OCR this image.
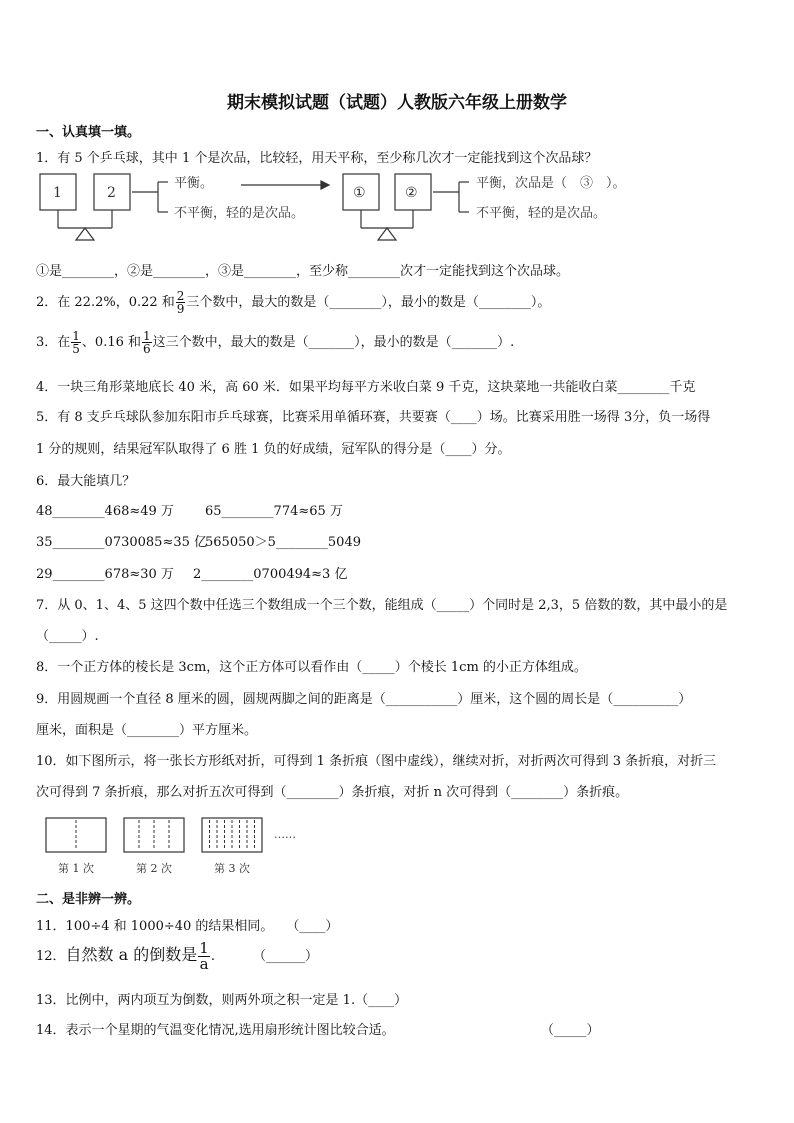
期末模拟试题（试题）人教版六年级上册数学
一、认真填一填。
1．有 5 个乒乓球，其中 1 个是次品，比较轻，用天平称，至少称几次才一定能找到这个次品球？
1	2	①	②
平衡。
不平衡，轻的是次品。
平衡，次品是（　③　）。
不平衡，轻的是次品。
①是________，②是________，③是________，至少称________次才一定能找到这个次品球。
2．在 22.2%，0.22 和 $\frac{2}{9}$ 三个数中，最大的数是（________），最小的数是（________）。
3．在 $\frac{1}{5}$ 、0.16 和 $\frac{1}{6}$ 这三个数中，最大的数是（_______），最小的数是（_______）.
4．一块三角形菜地底长 40 米，高 60 米．如果平均每平方米收白菜 9 千克，这块菜地一共能收白菜________千克
5．有 8 支乒乓球队参加东阳市乒乓球赛，比赛采用单循环赛，共要赛（____）场。比赛采用胜一场得 3分，负一场得
1 分的规则，结果冠军队取得了 6 胜 1 负的好成绩，冠军队的得分是（____）分。
6．最大能填几？
48________468≈49 万 65________774≈65 万
35________0730085≈35 亿
565050＞5________5049
29________678≈30 万 2________0700494≈3 亿
7．从 0、1、4、5 这四个数中任选三个数组成一个三个数，能组成（_____）个同时是 2,3，5 倍数的数，其中最小的是
（_____）.
8．一个正方体的棱长是 3cm，这个正方体可以看作由（_____）个棱长 1cm 的小正方体组成。
9．用圆规画一个直径 8 厘米的圆，圆规两脚之间的距离是（___________）厘米，这个圆的周长是（__________）
厘米，面积是（________）平方厘米。
10．如下图所示，将一张长方形纸对折，可得到 1 条折痕（图中虚线），继续对折，对折两次可得到 3 条折痕，对折三
次可得到 7 条折痕，那么对折五次可得到（________）条折痕，对折 n 次可得到（________）条折痕。
第 1 次	第 2 次	第 3 次
……
二、是非辨一辨。
11．100÷4 和 1000÷40 的结果相同。　　（____）
12．自然数 a 的倒数是 $\frac{1}{a}$ .	（______）
13．比例中，两内项互为倒数，则两外项之积一定是 1.（____）
14．表示一个星期的气温变化情况,选用扇形统计图比较合适。	（_____）
